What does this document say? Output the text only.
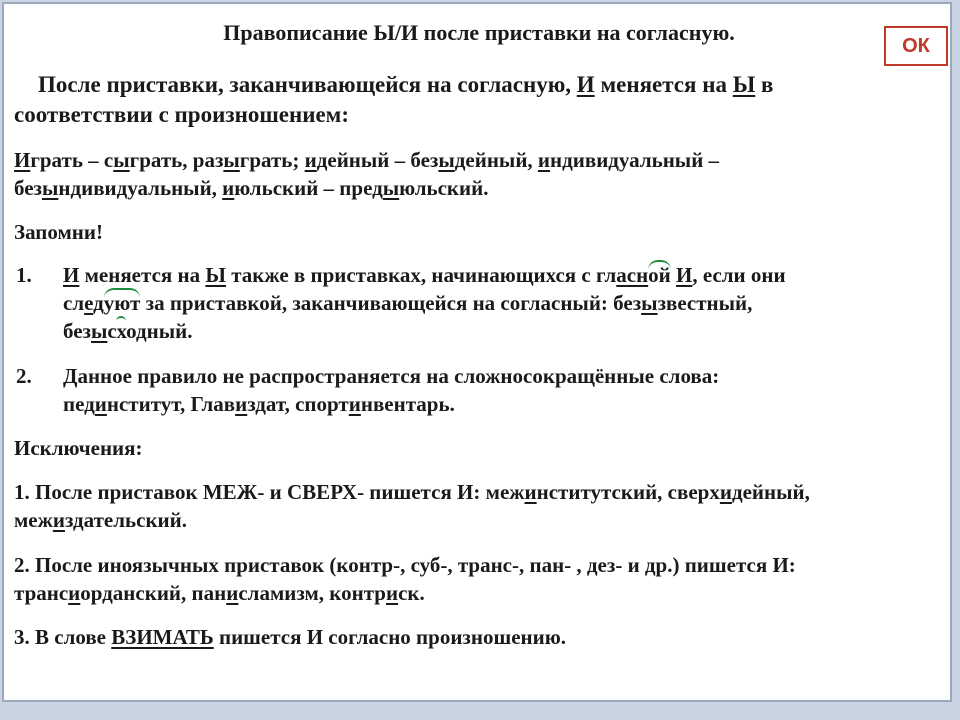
Правописание Ы/И после приставки на согласную.
ОК

После приставки, заканчивающейся на согласную, И меняется на Ы в

соответствии с произношением:

Играть – сыграть, разыграть; идейный – безыдейный, индивидуальный –

безындивидуальный, июльский – предыюльский.

Запомни!

1. И меняется на Ы также в приставках, начинающихся с гласной И, если они

следуют за приставкой, заканчивающейся на согласный: безызвестный,

безысходный.

2. Данное правило не распространяется на сложносокращённые слова:

пединститут, Главиздат, спортинвентарь.

Исключения:

1. После приставок МЕЖ- и СВЕРХ- пишется И: межинститутский, сверхидейный,

межиздательский.

2. После иноязычных приставок (контр-, суб-, транс-, пан- , дез- и др.) пишется И:

трансиорданский, панисламизм, контриск.

3. В слове ВЗИМАТЬ пишется И согласно произношению.
